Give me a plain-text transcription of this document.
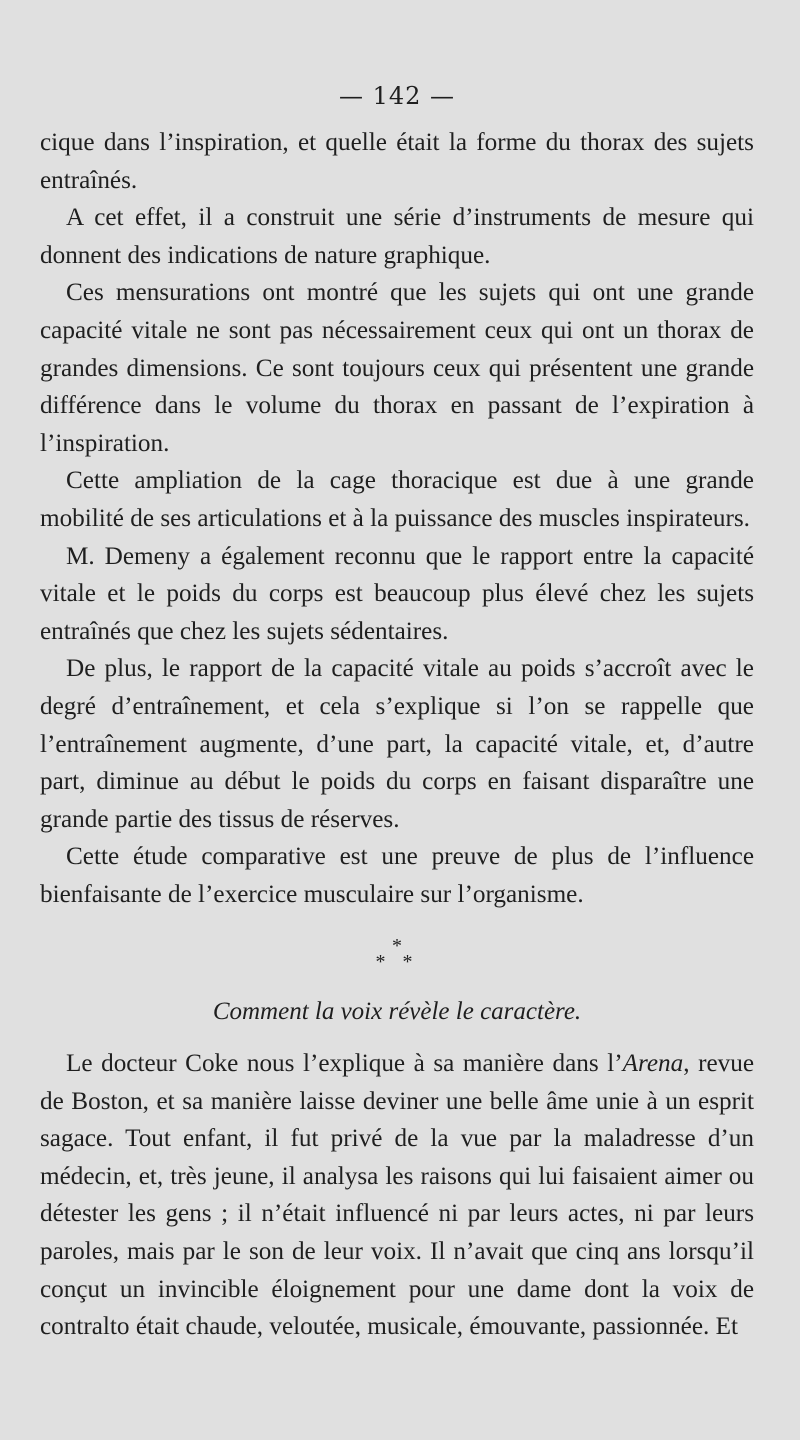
— 142 —

cique dans l’inspiration, et quelle était la forme du thorax des sujets entraînés.

A cet effet, il a construit une série d’instruments de mesure qui donnent des indications de nature graphique.

Ces mensurations ont montré que les sujets qui ont une grande capacité vitale ne sont pas nécessairement ceux qui ont un thorax de grandes dimensions. Ce sont toujours ceux qui présentent une grande différence dans le volume du thorax en passant de l’expiration à l’inspiration.

Cette ampliation de la cage thoracique est due à une grande mobilité de ses articulations et à la puissance des muscles inspirateurs.

M. Demeny a également reconnu que le rapport entre la capacité vitale et le poids du corps est beaucoup plus élevé chez les sujets entraînés que chez les sujets sédentaires.

De plus, le rapport de la capacité vitale au poids s’accroît avec le degré d’entraînement, et cela s’explique si l’on se rappelle que l’entraînement augmente, d’une part, la capacité vitale, et, d’autre part, diminue au début le poids du corps en faisant disparaître une grande partie des tissus de réserves.

Cette étude comparative est une preuve de plus de l’influence bienfaisante de l’exercice musculaire sur l’organisme.

*
* *
Comment la voix révèle le caractère.

Le docteur Coke nous l’explique à sa manière dans l’Arena, revue de Boston, et sa manière laisse deviner une belle âme unie à un esprit sagace. Tout enfant, il fut privé de la vue par la maladresse d’un médecin, et, très jeune, il analysa les raisons qui lui faisaient aimer ou détester les gens ; il n’était influencé ni par leurs actes, ni par leurs paroles, mais par le son de leur voix. Il n’avait que cinq ans lorsqu’il conçut un invincible éloignement pour une dame dont la voix de contralto était chaude, veloutée, musicale, émouvante, passionnée. Et
